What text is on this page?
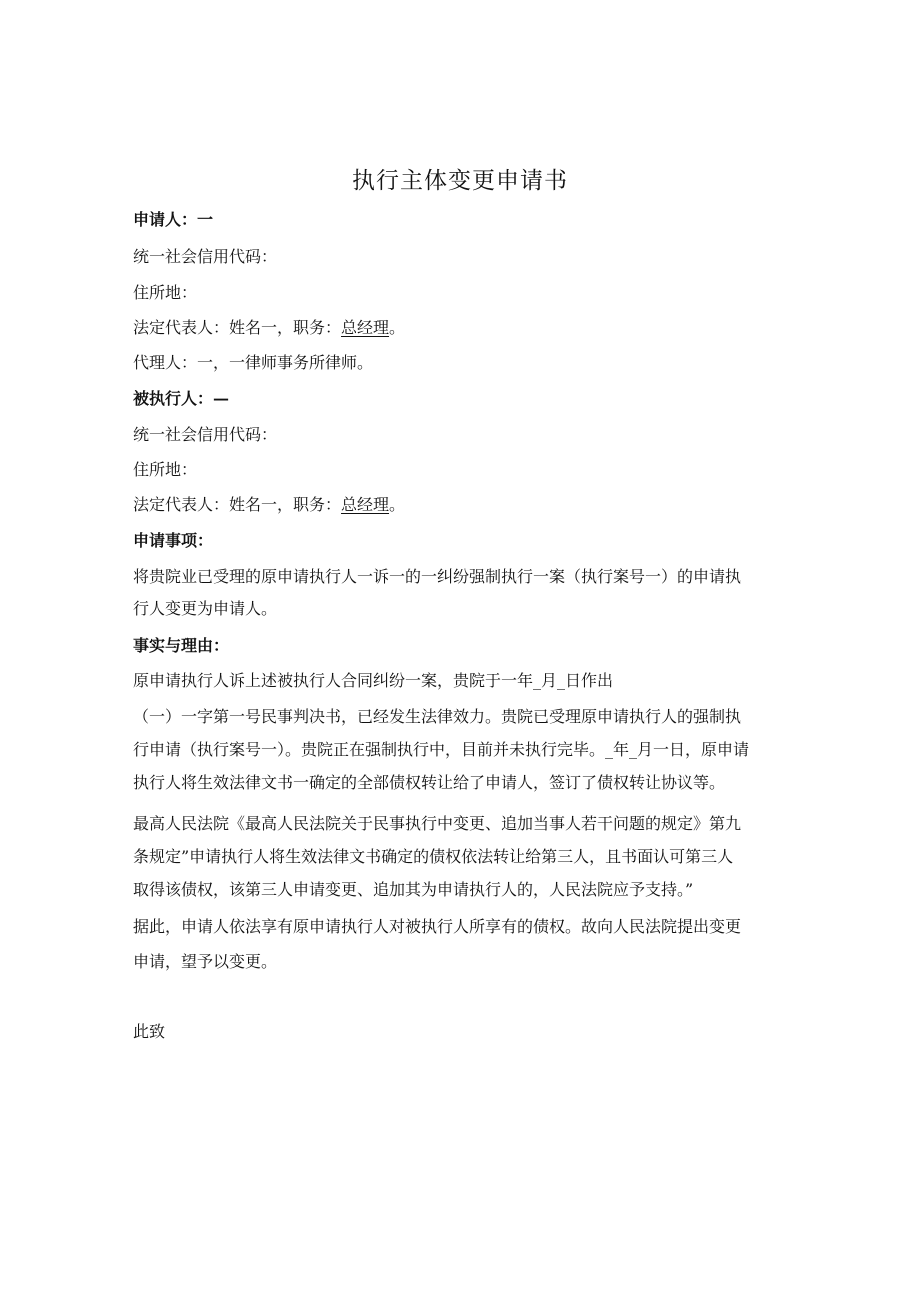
执行主体变更申请书
申请人：一
统一社会信用代码：
住所地：
法定代表人：姓名一，职务：总经理。
代理人：一，一律师事务所律师。
被执行人：—
统一社会信用代码：
住所地：
法定代表人：姓名一，职务：总经理。
申请事项：
将贵院业已受理的原申请执行人一诉一的一纠纷强制执行一案（执行案号一）的申请执
行人变更为申请人。
事实与理由：
原申请执行人诉上述被执行人合同纠纷一案，贵院于一年_月_日作出
（一）一字第一号民事判决书，已经发生法律效力。贵院已受理原申请执行人的强制执
行申请（执行案号一）。贵院正在强制执行中，目前并未执行完毕。_年_月一日，原申请
执行人将生效法律文书一确定的全部债权转让给了申请人，签订了债权转让协议等。
最高人民法院《最高人民法院关于民事执行中变更、追加当事人若干问题的规定》第九
条规定”申请执行人将生效法律文书确定的债权依法转让给第三人，且书面认可第三人
取得该债权，该第三人申请变更、追加其为申请执行人的，人民法院应予支持。”
据此，申请人依法享有原申请执行人对被执行人所享有的债权。故向人民法院提出变更
申请，望予以变更。
此致
